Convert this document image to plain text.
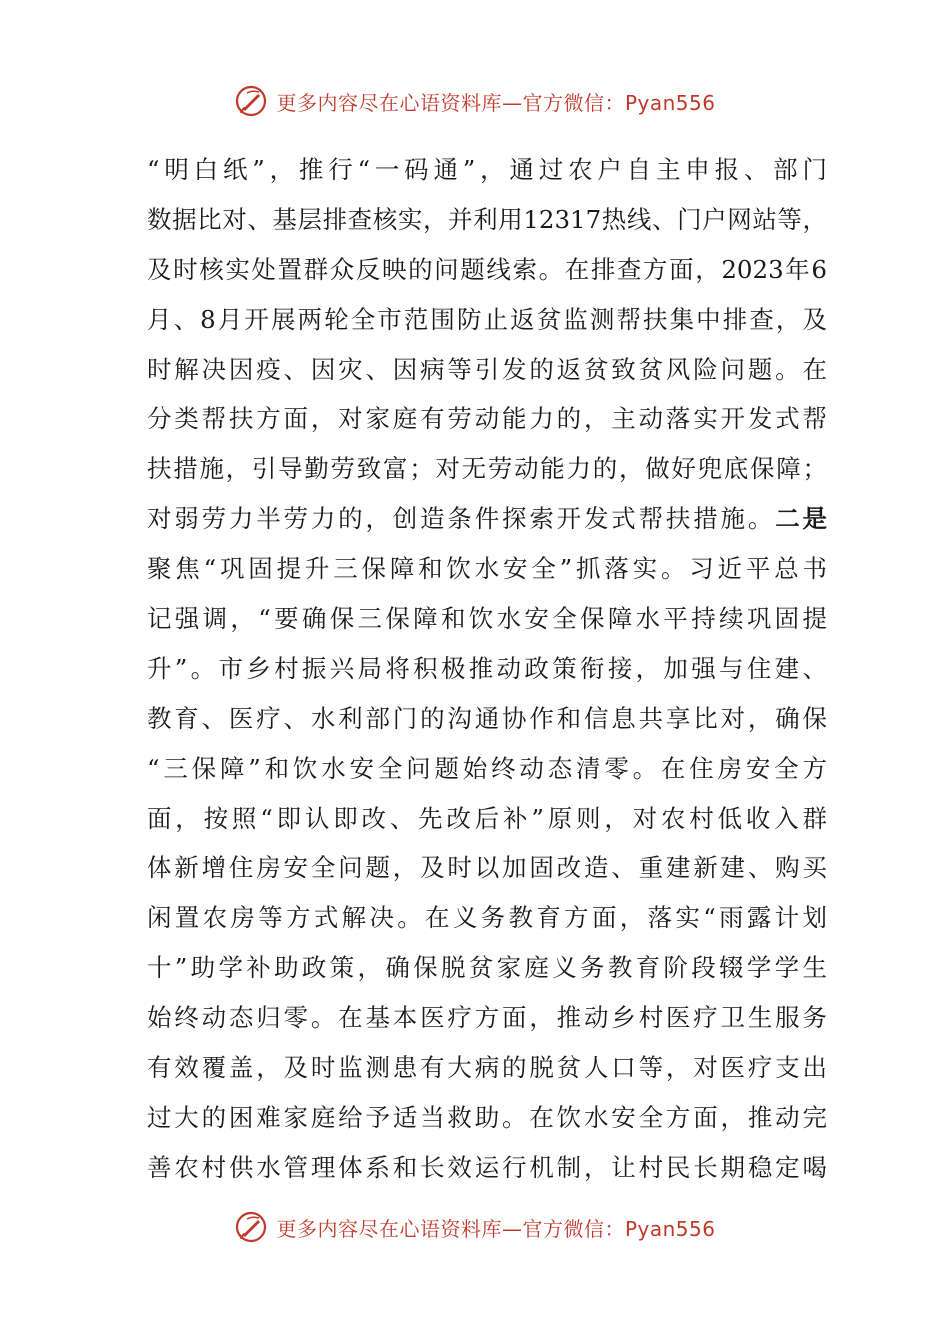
更多内容尽在心语资料库—官方微信：Pyan556
“明白纸”，推行“一码通”，通过农户自主申报、部门
数据比对、基层排查核实，并利用12317热线、门户网站等，
及时核实处置群众反映的问题线索。在排查方面，2023年6
月、8月开展两轮全市范围防止返贫监测帮扶集中排查，及
时解决因疫、因灾、因病等引发的返贫致贫风险问题。在
分类帮扶方面，对家庭有劳动能力的，主动落实开发式帮
扶措施，引导勤劳致富；对无劳动能力的，做好兜底保障；
对弱劳力半劳力的，创造条件探索开发式帮扶措施。二是
聚焦“巩固提升三保障和饮水安全”抓落实。习近平总书
记强调，“要确保三保障和饮水安全保障水平持续巩固提
升”。市乡村振兴局将积极推动政策衔接，加强与住建、
教育、医疗、水利部门的沟通协作和信息共享比对，确保
“三保障”和饮水安全问题始终动态清零。在住房安全方
面，按照“即认即改、先改后补”原则，对农村低收入群
体新增住房安全问题，及时以加固改造、重建新建、购买
闲置农房等方式解决。在义务教育方面，落实“雨露计划
十”助学补助政策，确保脱贫家庭义务教育阶段辍学学生
始终动态归零。在基本医疗方面，推动乡村医疗卫生服务
有效覆盖，及时监测患有大病的脱贫人口等，对医疗支出
过大的困难家庭给予适当救助。在饮水安全方面，推动完
善农村供水管理体系和长效运行机制，让村民长期稳定喝
更多内容尽在心语资料库—官方微信：Pyan556
